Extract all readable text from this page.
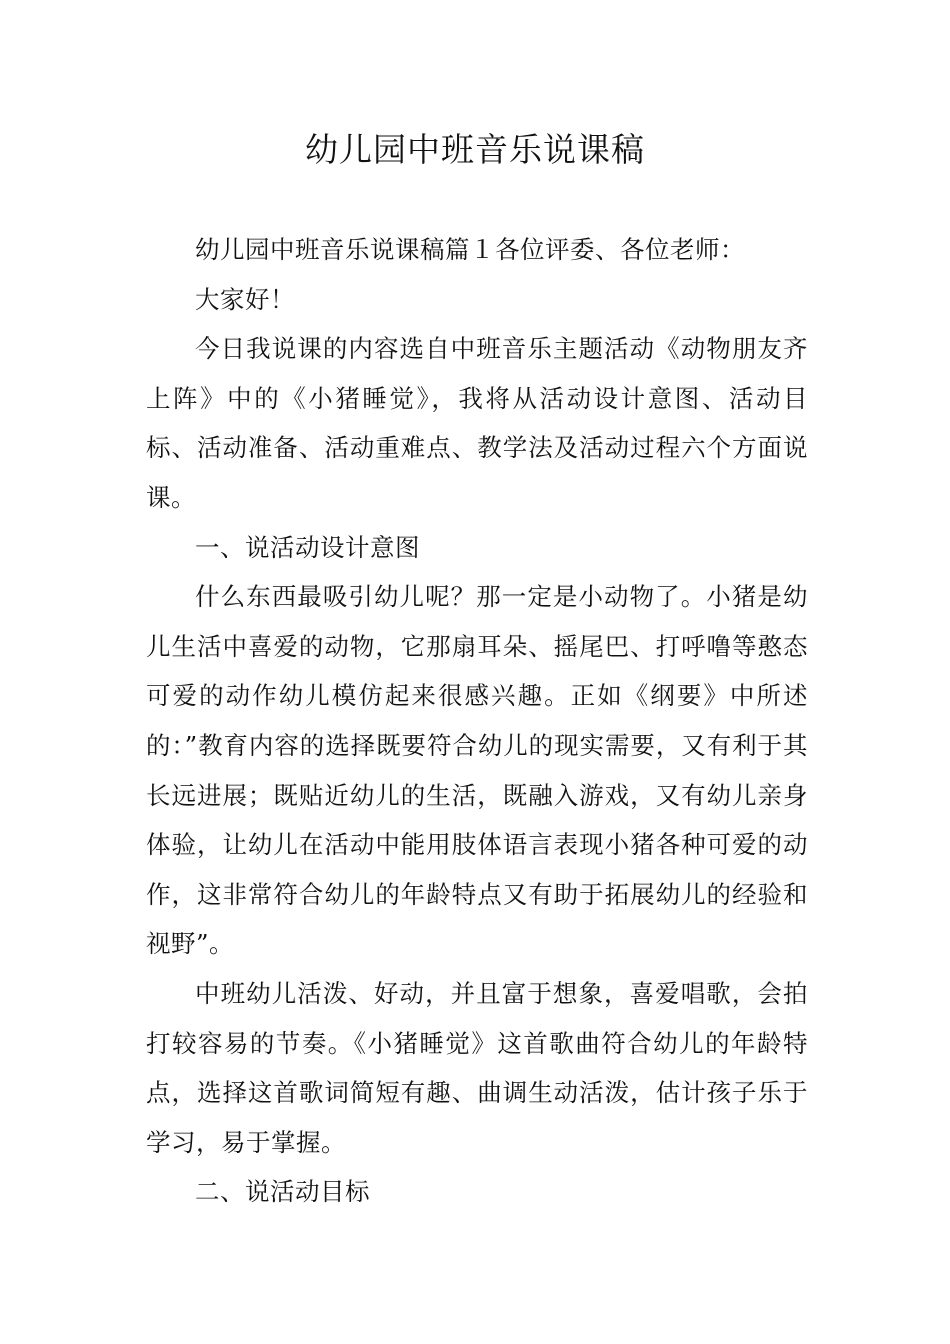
幼儿园中班音乐说课稿

幼儿园中班音乐说课稿篇１各位评委、各位老师：

大家好！

今日我说课的内容选自中班音乐主题活动《动物朋友齐上阵》中的《小猪睡觉》，我将从活动设计意图、活动目标、活动准备、活动重难点、教学法及活动过程六个方面说课。

一、说活动设计意图

什么东西最吸引幼儿呢？那一定是小动物了。小猪是幼儿生活中喜爱的动物，它那扇耳朵、摇尾巴、打呼噜等憨态可爱的动作幼儿模仿起来很感兴趣。正如《纲要》中所述的：”教育内容的选择既要符合幼儿的现实需要，又有利于其长远进展；既贴近幼儿的生活，既融入游戏，又有幼儿亲身体验，让幼儿在活动中能用肢体语言表现小猪各种可爱的动作，这非常符合幼儿的年龄特点又有助于拓展幼儿的经验和视野”。

中班幼儿活泼、好动，并且富于想象，喜爱唱歌，会拍打较容易的节奏。《小猪睡觉》这首歌曲符合幼儿的年龄特点，选择这首歌词简短有趣、曲调生动活泼，估计孩子乐于学习，易于掌握。

二、说活动目标
